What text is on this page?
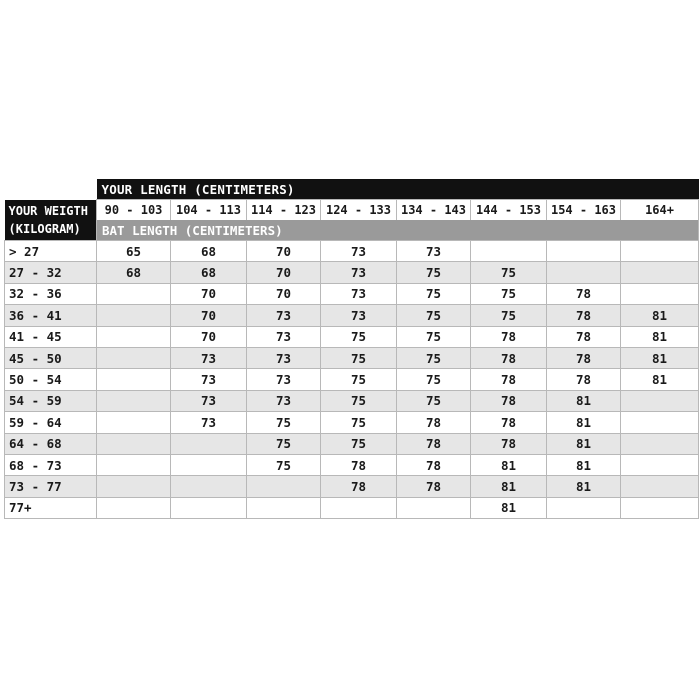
	YOUR LENGTH (CENTIMETERS)							

YOUR WEIGTH
(KILOGRAM)	90 - 103	104 - 113	114 - 123	124 - 133	134 - 143	144 - 153	154 - 163	164+
	BAT LENGTH (CENTIMETERS)							
> 27	65	68	70	73	73			
27 - 32	68	68	70	73	75	75		
32 - 36		70	70	73	75	75	78	
36 - 41		70	73	73	75	75	78	81
41 - 45		70	73	75	75	78	78	81
45 - 50		73	73	75	75	78	78	81
50 - 54		73	73	75	75	78	78	81
54 - 59		73	73	75	75	78	81	
59 - 64		73	75	75	78	78	81	
64 - 68			75	75	78	78	81	
68 - 73			75	78	78	81	81	
73 - 77				78	78	81	81	
77+						81		
